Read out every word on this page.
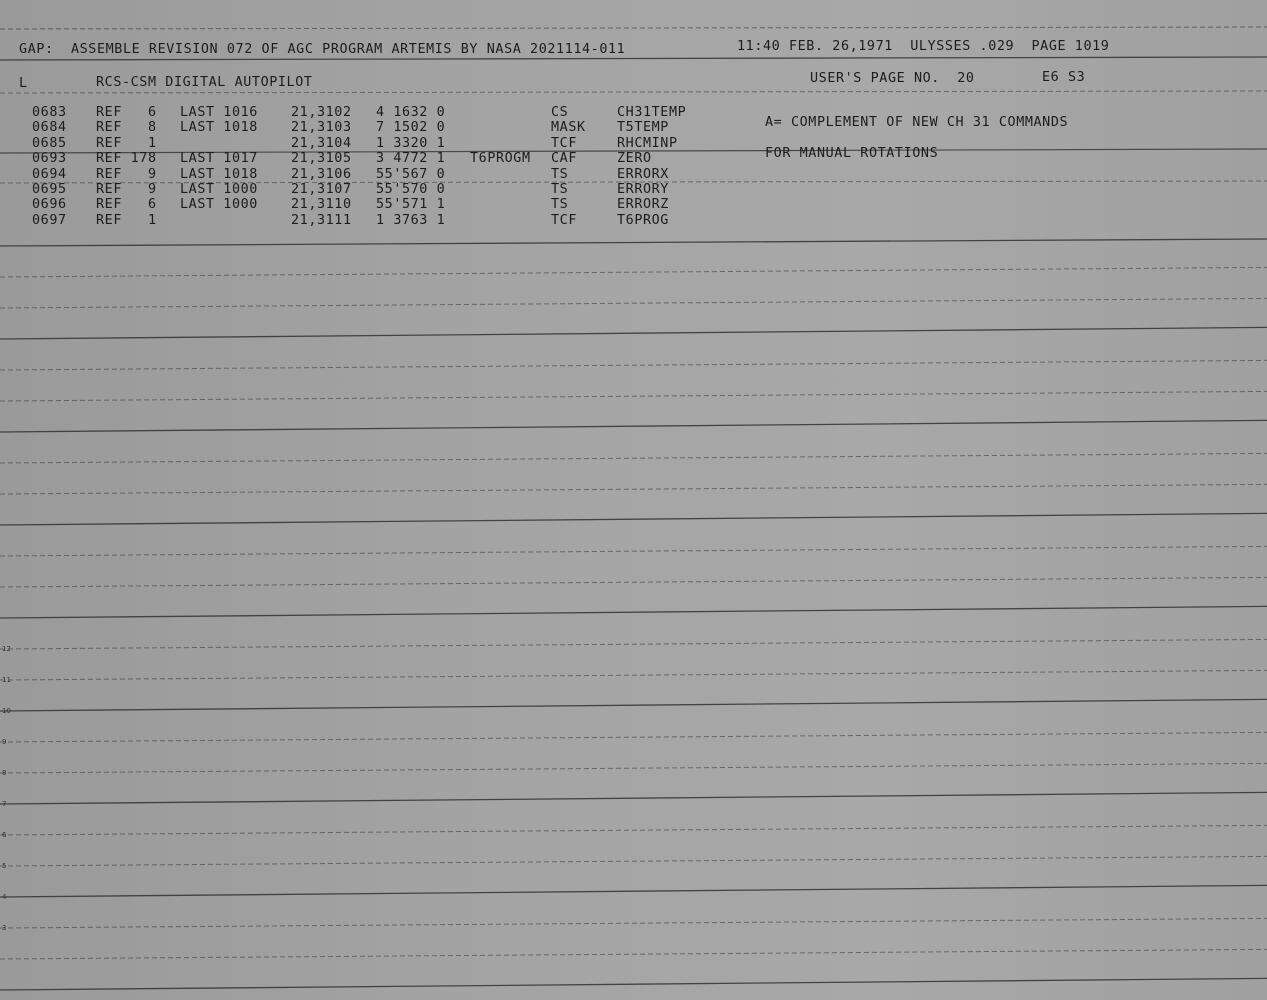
GAP:  ASSEMBLE REVISION 072 OF AGC PROGRAM ARTEMIS BY NASA 2021114-011	11:40 FEB. 26,1971  ULYSSES .029  PAGE 1019
L	RCS-CSM DIGITAL AUTOPILOT	USER'S PAGE NO.  20	E6 S3
0683 REF   6 LAST 1016 21,3102 4 1632 0	CS	CH31TEMP
0684 REF   8 LAST 1018 21,3103 7 1502 0	MASK T5TEMP	A= COMPLEMENT OF NEW CH 31 COMMANDS
0685 REF   1	21,3104 1 3320 1	TCF	RHCMINP
0693 REF 178 LAST 1017 21,3105 3 4772 1 T6PROGM CAF	ZERO	FOR MANUAL ROTATIONS
0694 REF   9 LAST 1018 21,3106 55'567 0	TS	ERRORX
0695 REF   9 LAST 1000 21,3107 55'570 0	TS	ERRORY
0696 REF   6 LAST 1000 21,3110 55'571 1	TS	ERRORZ
0697 REF   1	21,3111 1 3763 1	TCF	T6PROG
12
11
10
9
8
7
6
5
4
3
